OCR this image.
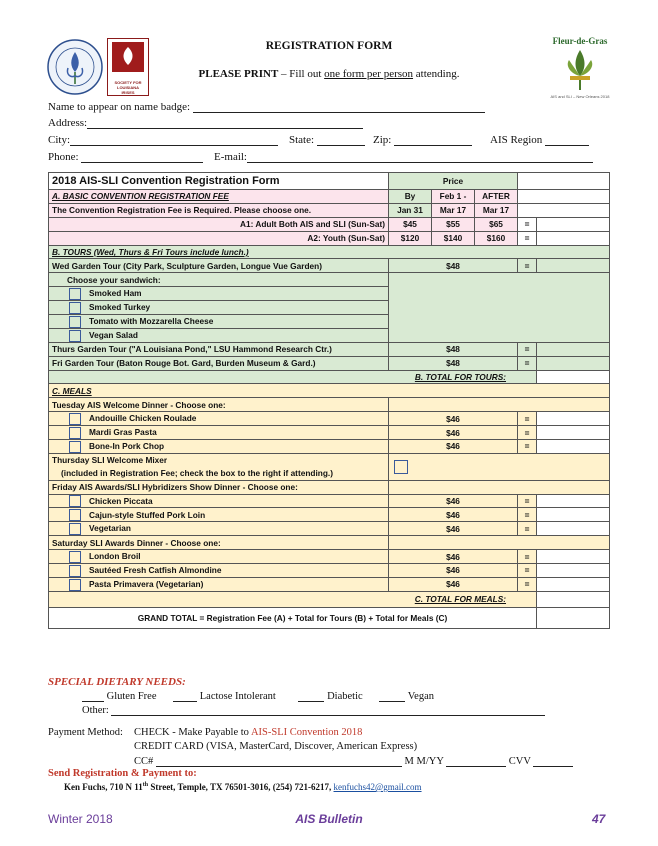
SOCIETY FOR
LOUISIANA
IRISES
Fleur-de-Gras
AIS and SLI – New Orleans 2018
REGISTRATION FORM
PLEASE PRINT – Fill out one form per person attending.
Name to appear on name badge:
Address:
City:	State:	Zip:	AIS Region
Phone:	E-mail:
2018 AIS-SLI Convention Registration Form	Price				
A. BASIC CONVENTION REGISTRATION FEE	By	Feb 1 -	AFTER		
The Convention Registration Fee is Required. Please choose one.	Jan 31	Mar 17	Mar 17		
A1: Adult Both AIS and SLI (Sun-Sat)	$45	$55	$65	=	
A2: Youth (Sun-Sat)	$120	$140	$160	=	
B. TOURS (Wed, Thurs & Fri Tours include lunch.)					
Wed Garden Tour (City Park, Sculpture Garden, Longue Vue Garden)	$48			=	
Choose your sandwich:					
Smoked Ham					
Smoked Turkey					
Tomato with Mozzarella Cheese					
Vegan Salad					
Thurs Garden Tour ("A Louisiana Pond," LSU Hammond Research Ctr.)	$48			=	
Fri Garden Tour (Baton Rouge Bot. Gard, Burden Museum & Gard.)	$48			=	
B. TOTAL FOR TOURS:					
C. MEALS					
Tuesday AIS Welcome Dinner - Choose one:					
Andouille Chicken Roulade	$46			=	
Mardi Gras Pasta	$46			=	
Bone-In Pork Chop	$46			=	
Thursday SLI Welcome Mixer					
(included in Registration Fee; check the box to the right if attending.)					
Friday AIS Awards/SLI Hybridizers Show Dinner - Choose one:					
Chicken Piccata	$46			=	
Cajun-style Stuffed Pork Loin	$46			=	
Vegetarian	$46			=	
Saturday SLI Awards Dinner - Choose one:					
London Broil	$46			=	
Sautéed Fresh Catfish Almondine	$46			=	
Pasta Primavera (Vegetarian)	$46			=	
C. TOTAL FOR MEALS:					
GRAND TOTAL = Registration Fee (A) + Total for Tours (B) + Total for Meals (C)					
SPECIAL DIETARY NEEDS:
Gluten Free	Lactose Intolerant	Diabetic	Vegan
Other:
Payment Method: CHECK - Make Payable to AIS-SLI Convention 2018
CREDIT CARD (VISA, MasterCard, Discover, American Express)
CC#	M M/YY	CVV
Send Registration & Payment to:
Ken Fuchs, 710 N 11th Street, Temple, TX 76501-3016, (254) 721-6217, kenfuchs42@gmail.com
Winter 2018	AIS Bulletin	47
